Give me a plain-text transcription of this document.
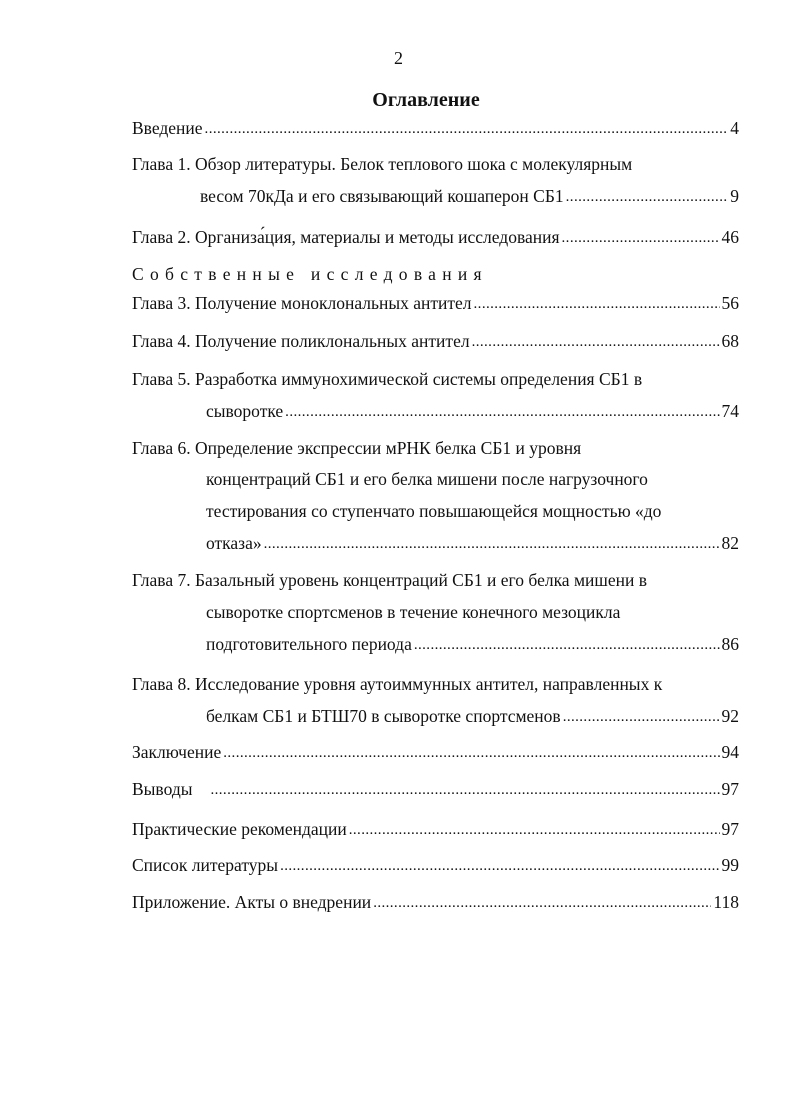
2
Оглавление
Введение .....	4
Глава 1. Обзор литературы. Белок теплового шока с молекулярным
весом 70кДа и его связывающий кошаперон СБ1 .....	9
Глава 2. Организа́ция, материалы и методы исследования .....	46
Собственные исследования
Глава 3. Получение моноклональных антител .....	56
Глава 4. Получение поликлональных антител .....	68
Глава 5. Разработка иммунохимической системы определения СБ1 в
сыворотке .....	74
Глава 6. Определение экспрессии мРНК белка СБ1 и уровня
концентраций СБ1 и его белка мишени после нагрузочного
тестирования со ступенчато повышающейся мощностью «до
отказа» .....	82
Глава 7. Базальный уровень концентраций СБ1 и его белка мишени в
сыворотке спортсменов в течение конечного мезоцикла
подготовительного периода .....	86
Глава 8. Исследование уровня аутоиммунных антител, направленных к
белкам СБ1 и БТШ70 в сыворотке спортсменов .....	92
Заключение .....	94
Выводы .....	97
Практические рекомендации .....	97
Список литературы .....	99
Приложение. Акты о внедрении .....	118
